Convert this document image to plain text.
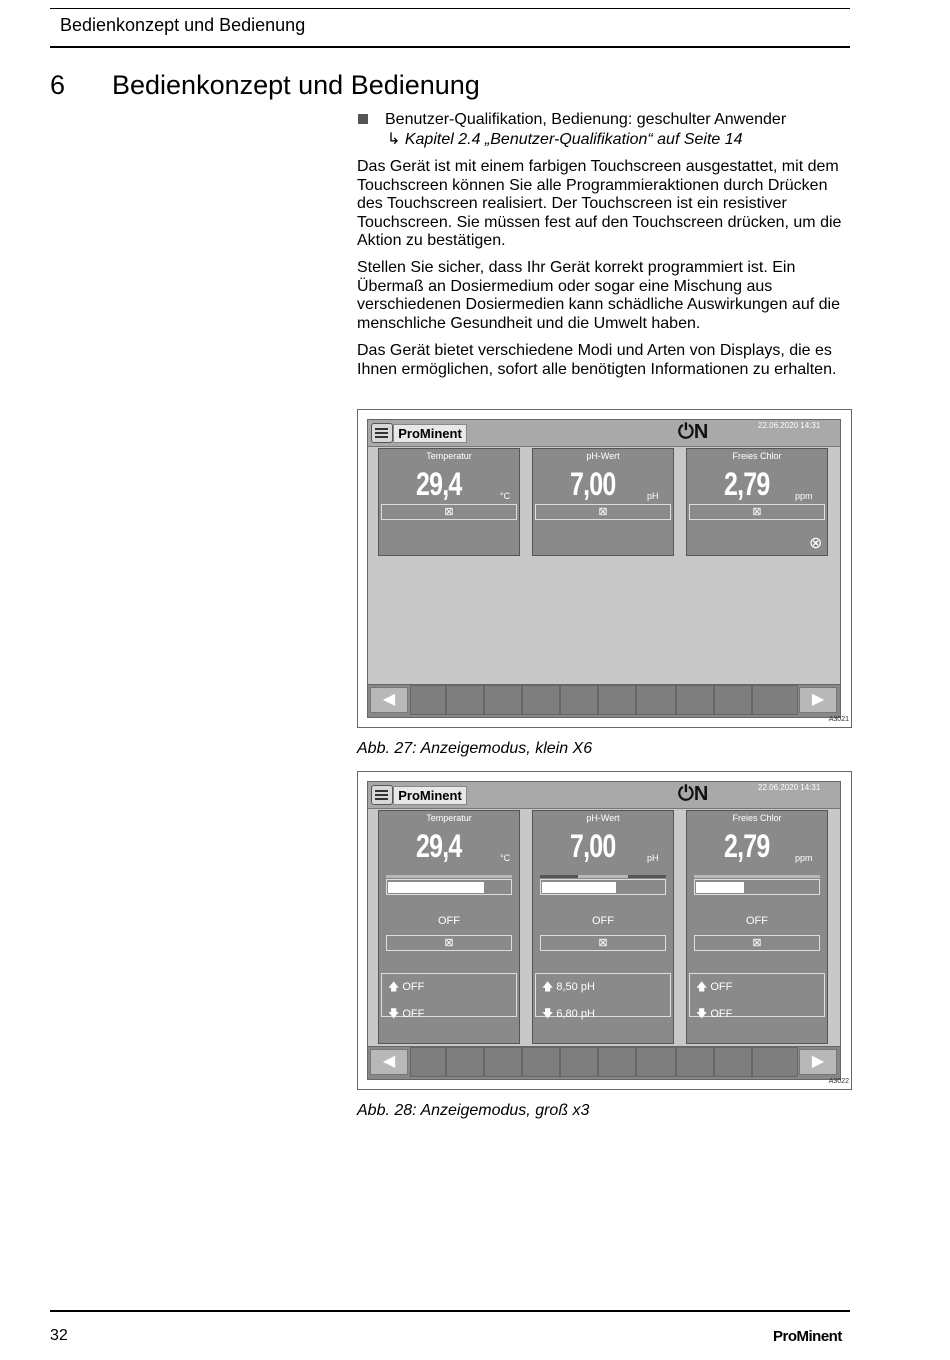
Bedienkonzept und Bedienung
6 Bedienkonzept und Bedienung
Benutzer-Qualifikation, Bedienung: geschulter Anwender
↳ Kapitel 2.4 „Benutzer-Qualifikation“ auf Seite 14

Das Gerät ist mit einem farbigen Touchscreen ausgestattet, mit dem Touchscreen können Sie alle Programmieraktionen durch Drücken des Touchscreen realisiert. Der Touchscreen ist ein resistiver Touchscreen. Sie müssen fest auf den Touchscreen drücken, um die Aktion zu bestätigen.

Stellen Sie sicher, dass Ihr Gerät korrekt programmiert ist. Ein Übermaß an Dosiermedium oder sogar eine Mischung aus verschiedenen Dosiermedien kann schädliche Auswirkungen auf die menschliche Gesundheit und die Umwelt haben.

Das Gerät bietet verschiedene Modi und Arten von Displays, die es Ihnen ermöglichen, sofort alle benötigten Informationen zu erhalten.

ProMinent	⏻N	22.06.2020 14:31
Temperatur
29,4	°C
⊠
pH-Wert
7,00	pH
⊠
Freies Chlor
2,79	ppm
⊠
⊗
◀	▶
A3021
Abb. 27: Anzeigemodus, klein X6
ProMinent	⏻N	22.06.2020 14:31
Temperatur
29,4	°C
OFF
⊠
🡅 OFF
🡇 OFF
pH-Wert
7,00	pH
OFF
⊠
🡅 8,50 pH
🡇 6,80 pH
Freies Chlor
2,79	ppm
OFF
⊠
🡅 OFF
🡇 OFF
◀	▶
A3022
Abb. 28: Anzeigemodus, groß x3
32	ProMinent
